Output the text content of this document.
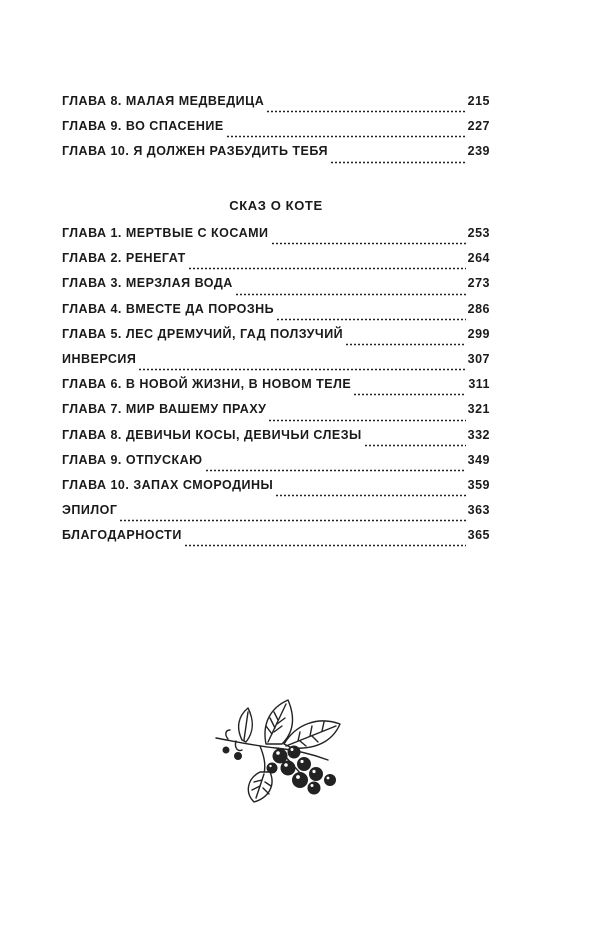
ГЛАВА 8. МАЛАЯ МЕДВЕДИЦА	215
ГЛАВА 9. ВО СПАСЕНИЕ	227
ГЛАВА 10. Я ДОЛЖЕН РАЗБУДИТЬ ТЕБЯ	239
СКАЗ О КОТЕ
ГЛАВА 1. МЕРТВЫЕ С КОСАМИ	253
ГЛАВА 2. РЕНЕГАТ	264
ГЛАВА 3. МЕРЗЛАЯ ВОДА	273
ГЛАВА 4. ВМЕСТЕ ДА ПОРОЗНЬ	286
ГЛАВА 5. ЛЕС ДРЕМУЧИЙ, ГАД ПОЛЗУЧИЙ	299
ИНВЕРСИЯ	307
ГЛАВА 6. В НОВОЙ ЖИЗНИ, В НОВОМ ТЕЛЕ	311
ГЛАВА 7. МИР ВАШЕМУ ПРАХУ	321
ГЛАВА 8. ДЕВИЧЬИ КОСЫ, ДЕВИЧЬИ СЛЕЗЫ	332
ГЛАВА 9. ОТПУСКАЮ	349
ГЛАВА 10. ЗАПАХ СМОРОДИНЫ	359
ЭПИЛОГ	363
БЛАГОДАРНОСТИ	365
